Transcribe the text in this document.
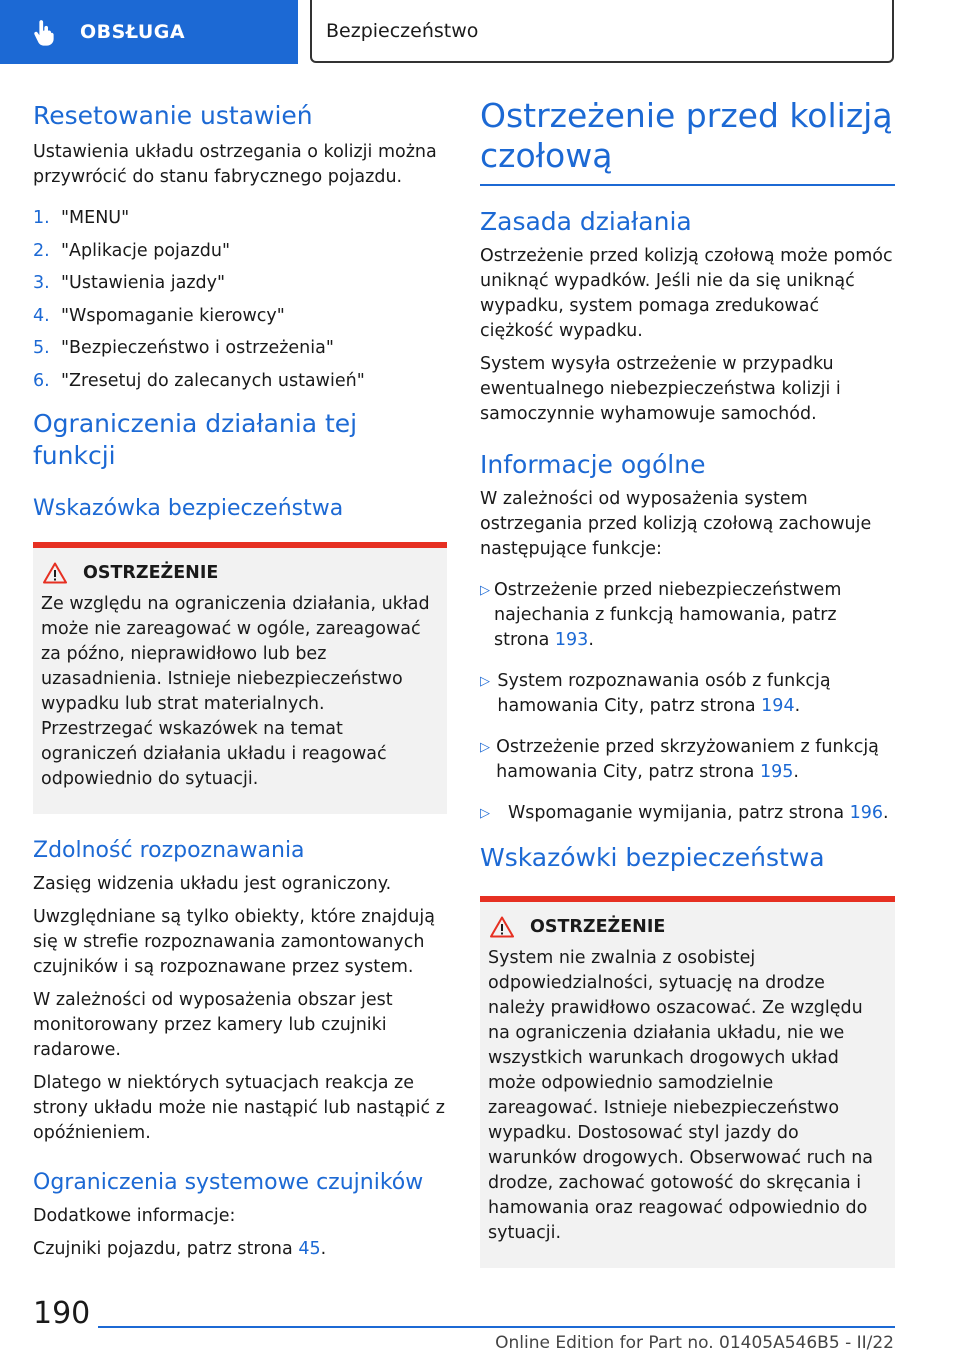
OBSŁUGA	Bezpieczeństwo
Resetowanie ustawień

Ustawienia układu ostrzegania o kolizji można przywrócić do stanu fabrycznego pojazdu.

1. "MENU"
2. "Aplikacje pojazdu"
3. "Ustawienia jazdy"
4. "Wspomaganie kierowcy"
5. "Bezpieczeństwo i ostrzeżenia"
6. "Zresetuj do zalecanych ustawień"
Ograniczenia działania tej funkcji
Wskazówka bezpieczeństwa
OSTRZEŻENIE

Ze względu na ograniczenia działania, układ może nie zareagować w ogóle, zareagować za późno, nieprawidłowo lub bez uzasadnienia. Istnieje niebezpieczeństwo wypadku lub strat materialnych. Przestrzegać wskazówek na temat ograniczeń działania układu i reagować odpowiednio do sytuacji.

Zdolność rozpoznawania

Zasięg widzenia układu jest ograniczony.

Uwzględniane są tylko obiekty, które znajdują się w strefie rozpoznawania zamontowanych czujników i są rozpoznawane przez system.

W zależności od wyposażenia obszar jest monitorowany przez kamery lub czujniki radarowe.

Dlatego w niektórych sytuacjach reakcja ze strony układu może nie nastąpić lub nastąpić z opóźnieniem.

Ograniczenia systemowe czujników

Dodatkowe informacje:

Czujniki pojazdu, patrz strona 45.

Ostrzeżenie przed kolizją
czołową
Zasada działania

Ostrzeżenie przed kolizją czołową może pomóc uniknąć wypadków. Jeśli nie da się uniknąć wypadku, system pomaga zredukować ciężkość wypadku.

System wysyła ostrzeżenie w przypadku ewentualnego niebezpieczeństwa kolizji i samoczynnie wyhamowuje samochód.

Informacje ogólne

W zależności od wyposażenia system ostrzegania przed kolizją czołową zachowuje następujące funkcje:

▷ Ostrzeżenie przed niebezpieczeństwem najechania z funkcją hamowania, patrz strona 193.
▷ System rozpoznawania osób z funkcją hamowania City, patrz strona 194.
▷ Ostrzeżenie przed skrzyżowaniem z funkcją hamowania City, patrz strona 195.
▷	Wspomaganie wymijania, patrz strona 196.
Wskazówki bezpieczeństwa
OSTRZEŻENIE

System nie zwalnia z osobistej odpowiedzialności, sytuację na drodze należy prawidłowo oszacować. Ze względu na ograniczenia działania układu, nie we wszystkich warunkach drogowych układ może odpowiednio samodzielnie zareagować. Istnieje niebezpieczeństwo wypadku. Dostosować styl jazdy do warunków drogowych. Obserwować ruch na drodze, zachować gotowość do skręcania i hamowania oraz reagować odpowiednio do sytuacji.

190
Online Edition for Part no. 01405A546B5 - II/22
